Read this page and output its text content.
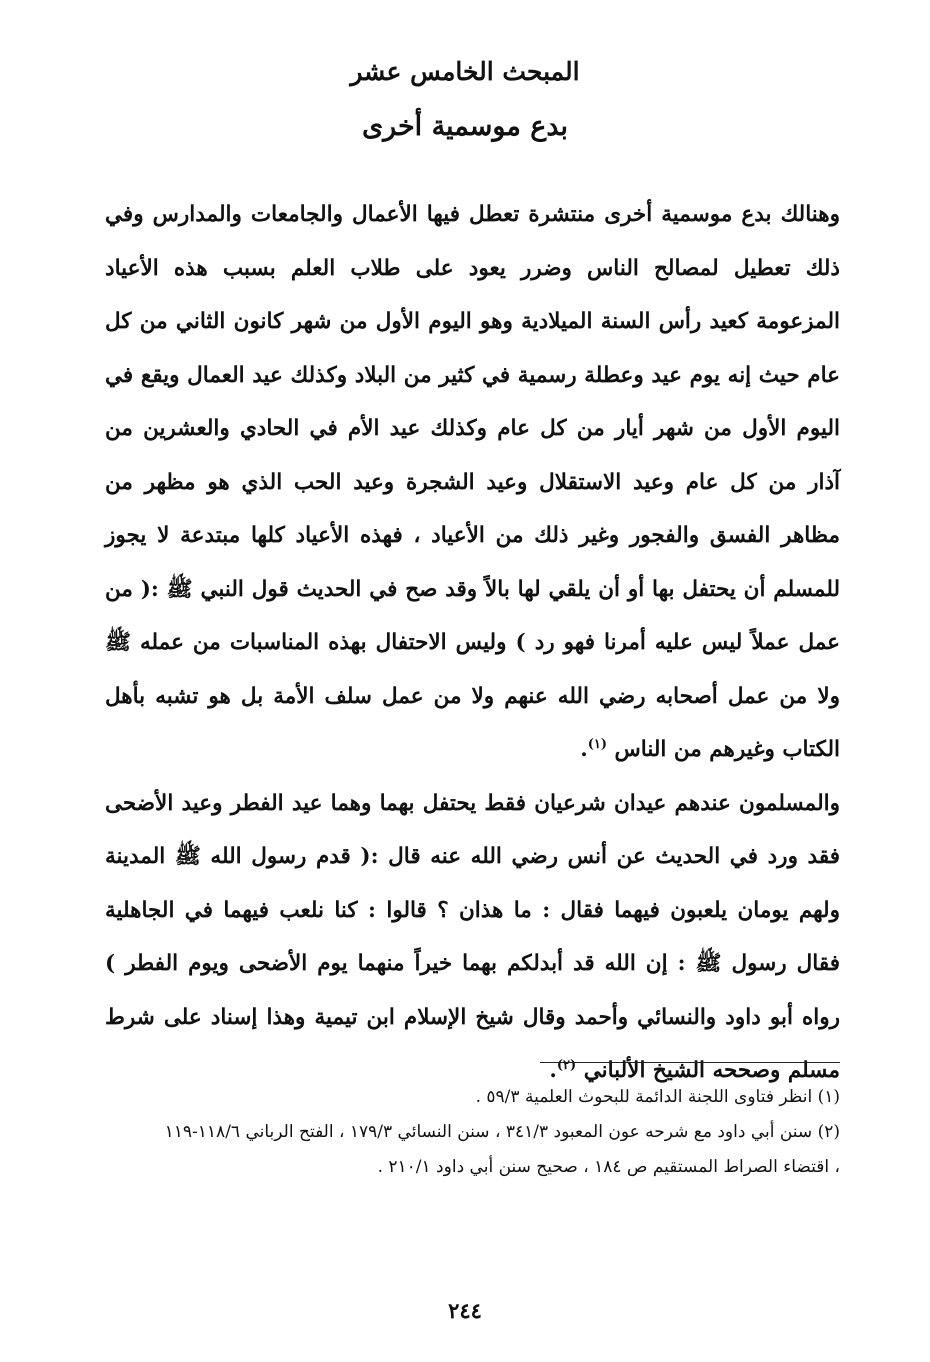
المبحث الخامس عشر
بدع موسمية أخرى

وهنالك بدع موسمية أخرى منتشرة تعطل فيها الأعمال والجامعات والمدارس وفي ذلك تعطيل لمصالح الناس وضرر يعود على طلاب العلم بسبب هذه الأعياد المزعومة كعيد رأس السنة الميلادية وهو اليوم الأول من شهر كانون الثاني من كل عام حيث إنه يوم عيد وعطلة رسمية في كثير من البلاد وكذلك عيد العمال ويقع في اليوم الأول من شهر أيار من كل عام وكذلك عيد الأم في الحادي والعشرين من آذار من كل عام وعيد الاستقلال وعيد الشجرة وعيد الحب الذي هو مظهر من مظاهر الفسق والفجور وغير ذلك من الأعياد ، فهذه الأعياد كلها مبتدعة لا يجوز للمسلم أن يحتفل بها أو أن يلقي لها بالاً وقد صح في الحديث قول النبي ﷺ :( من عمل عملاً ليس عليه أمرنا فهو رد ) وليس الاحتفال بهذه المناسبات من عمله ﷺ ولا من عمل أصحابه رضي الله عنهم ولا من عمل سلف الأمة بل هو تشبه بأهل الكتاب وغيرهم من الناس $^{(١)}$.

والمسلمون عندهم عيدان شرعيان فقط يحتفل بهما وهما عيد الفطر وعيد الأضحى فقد ورد في الحديث عن أنس رضي الله عنه قال :( قدم رسول الله ﷺ المدينة ولهم يومان يلعبون فيهما فقال : ما هذان ؟ قالوا : كنا نلعب فيهما في الجاهلية فقال رسول ﷺ : إن الله قد أبدلكم بهما خيراً منهما يوم الأضحى ويوم الفطر ) رواه أبو داود والنسائي وأحمد وقال شيخ الإسلام ابن تيمية وهذا إسناد على شرط مسلم وصححه الشيخ الألباني $^{(٢)}$.

(١) انظر فتاوى اللجنة الدائمة للبحوث العلمية ٥٩/٣ .

(٢) سنن أبي داود مع شرحه عون المعبود ٣٤١/٣ ، سنن النسائي ١٧٩/٣ ، الفتح الرباني ١١٨/٦-١١٩ ، اقتضاء الصراط المستقيم ص ١٨٤ ، صحيح سنن أبي داود ٢١٠/١ .

٢٤٤
